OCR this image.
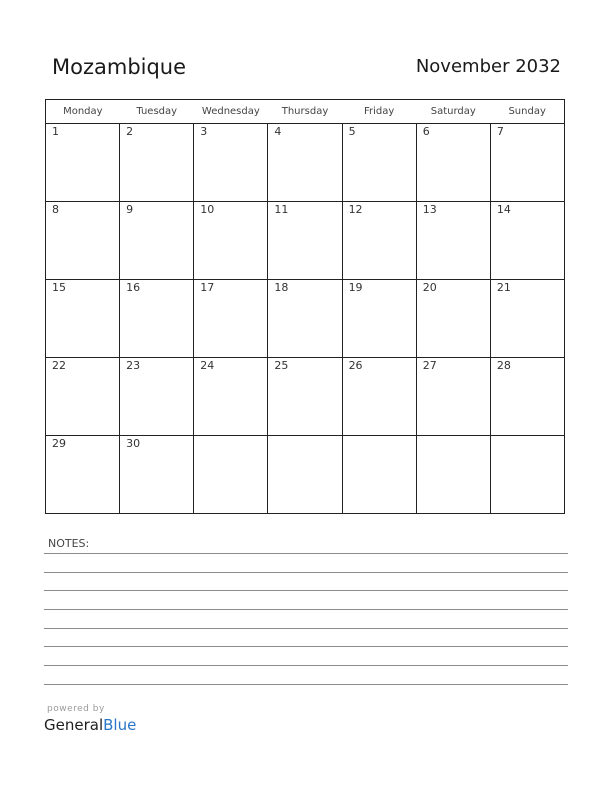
Mozambique	November 2032
Monday	Tuesday	Wednesday	Thursday	Friday	Saturday	Sunday

1	2	3	4	5	6	7

8	9	10	11	12	13	14

15	16	17	18	19	20	21

22	23	24	25	26	27	28

29	30					

NOTES:
powered by
GeneralBlue
